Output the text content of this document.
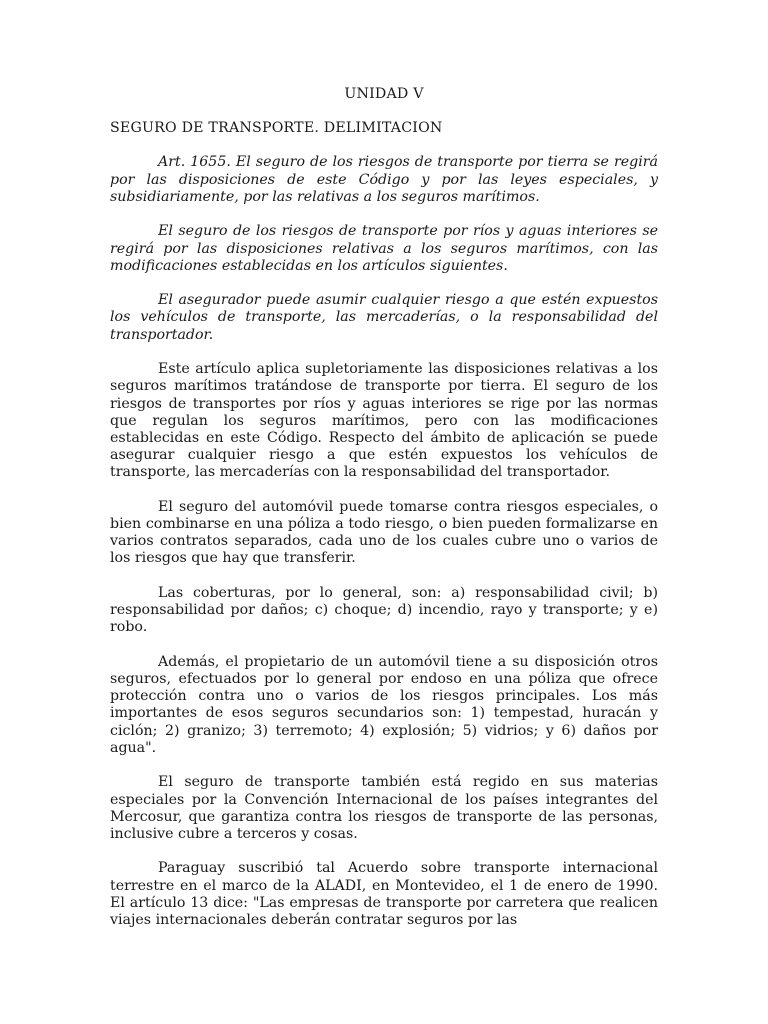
UNIDAD V
SEGURO DE TRANSPORTE. DELIMITACION

Art. 1655. El seguro de los riesgos de transporte por tierra se regirá por las disposiciones de este Código y por las leyes especiales, y subsidiariamente, por las relativas a los seguros marítimos.

El seguro de los riesgos de transporte por ríos y aguas interiores se regirá por las disposiciones relativas a los seguros marítimos, con las modificaciones establecidas en los artículos siguientes.

El asegurador puede asumir cualquier riesgo a que estén expuestos los vehículos de transporte, las mercaderías, o la responsabilidad del transportador.

Este artículo aplica supletoriamente las disposiciones relativas a los seguros marítimos tratándose de transporte por tierra. El seguro de los riesgos de transportes por ríos y aguas interiores se rige por las normas que regulan los seguros marítimos, pero con las modificaciones establecidas en este Código. Respecto del ámbito de aplicación se puede asegurar cualquier riesgo a que estén expuestos los vehículos de transporte, las mercaderías con la responsabilidad del transportador.

El seguro del automóvil puede tomarse contra riesgos especiales, o bien combinarse en una póliza a todo riesgo, o bien pueden formalizarse en varios contratos separados, cada uno de los cuales cubre uno o varios de los riesgos que hay que transferir.

Las coberturas, por lo general, son: a) responsabilidad civil; b) responsabilidad por daños; c) choque; d) incendio, rayo y transporte; y e) robo.

Además, el propietario de un automóvil tiene a su disposición otros seguros, efectuados por lo general por endoso en una póliza que ofrece protección contra uno o varios de los riesgos principales. Los más importantes de esos seguros secundarios son: 1) tempestad, huracán y ciclón; 2) granizo; 3) terremoto; 4) explosión; 5) vidrios; y 6) daños por agua".

El seguro de transporte también está regido en sus materias especiales por la Convención Internacional de los países integrantes del Mercosur, que garantiza contra los riesgos de transporte de las personas, inclusive cubre a terceros y cosas.

Paraguay suscribió tal Acuerdo sobre transporte internacional terrestre en el marco de la ALADI, en Montevideo, el 1 de enero de 1990. El artículo 13 dice: "Las empresas de transporte por carretera que realicen viajes internacionales deberán contratar seguros por las
